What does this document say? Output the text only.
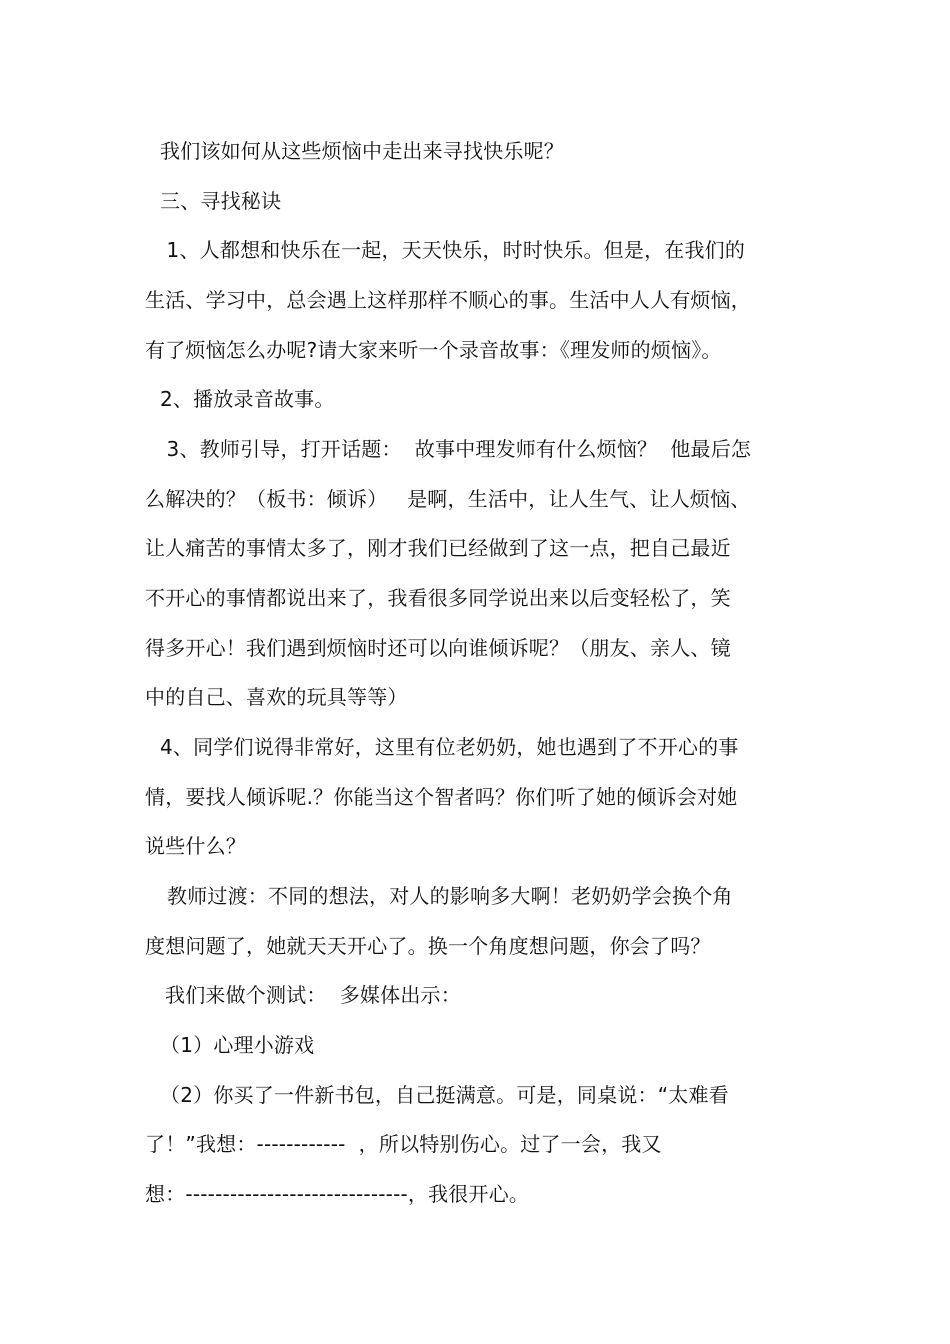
我们该如何从这些烦恼中走出来寻找快乐呢？
三、寻找秘诀
1、人都想和快乐在一起，天天快乐，时时快乐。但是，在我们的
生活、学习中，总会遇上这样那样不顺心的事。生活中人人有烦恼，
有了烦恼怎么办呢?请大家来听一个录音故事：《理发师的烦恼》。
2、播放录音故事。
3、教师引导，打开话题：  故事中理发师有什么烦恼？  他最后怎
么解决的？（板书：倾诉）   是啊，生活中，让人生气、让人烦恼、
让人痛苦的事情太多了，刚才我们已经做到了这一点，把自己最近
不开心的事情都说出来了，我看很多同学说出来以后变轻松了，笑
得多开心！我们遇到烦恼时还可以向谁倾诉呢？（朋友、亲人、镜
中的自己、喜欢的玩具等等）
4、同学们说得非常好，这里有位老奶奶，她也遇到了不开心的事
情，要找人倾诉呢.？你能当这个智者吗？你们听了她的倾诉会对她
说些什么？
教师过渡：不同的想法，对人的影响多大啊！老奶奶学会换个角
度想问题了，她就天天开心了。换一个角度想问题，你会了吗？
我们来做个测试：  多媒体出示：
（1）心理小游戏
（2）你买了一件新书包，自己挺满意。可是，同桌说：“太难看
了！”我想：------------  ，所以特别伤心。过了一会，我又
想：------------------------------，我很开心。
